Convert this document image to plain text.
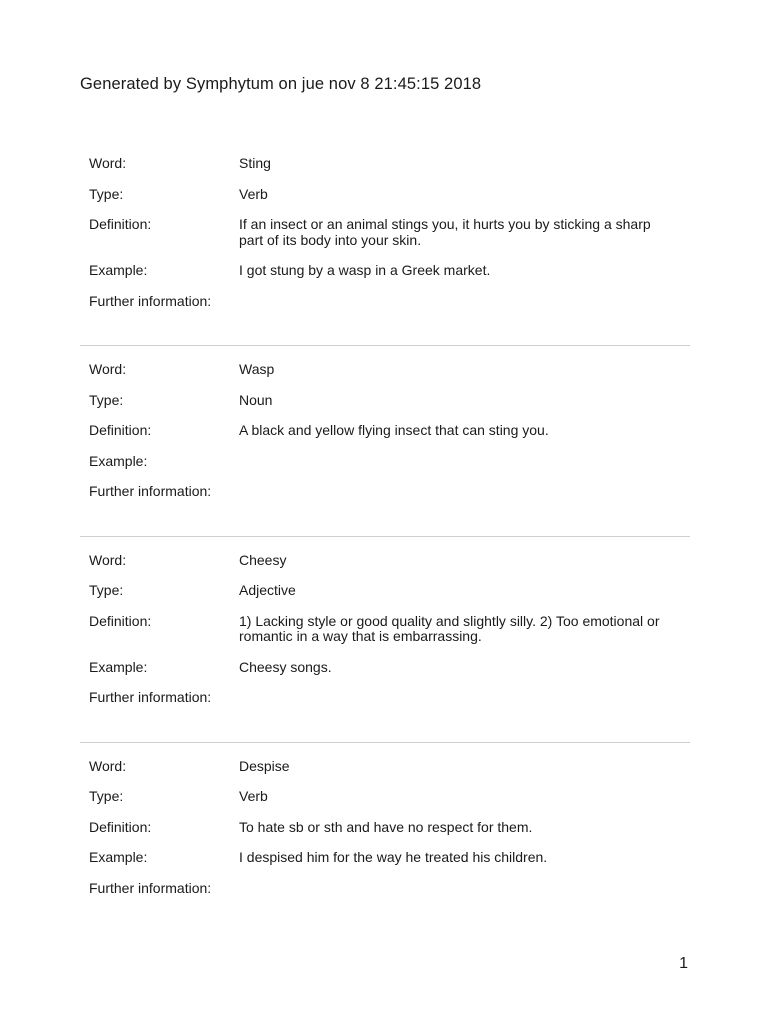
Generated by Symphytum on jue nov 8 21:45:15 2018
Word:	Sting
Type:	Verb
Definition:	If an insect or an animal stings you, it hurts you by sticking a sharp part of its body into your skin.
Example:	I got stung by a wasp in a Greek market.
Further information:
Word:	Wasp
Type:	Noun
Definition:	A black and yellow flying insect that can sting you.
Example:
Further information:
Word:	Cheesy
Type:	Adjective
Definition:	1) Lacking style or good quality and slightly silly. 2) Too emotional or romantic in a way that is embarrassing.
Example:	Cheesy songs.
Further information:
Word:	Despise
Type:	Verb
Definition:	To hate sb or sth and have no respect for them.
Example:	I despised him for the way he treated his children.
Further information:
1
